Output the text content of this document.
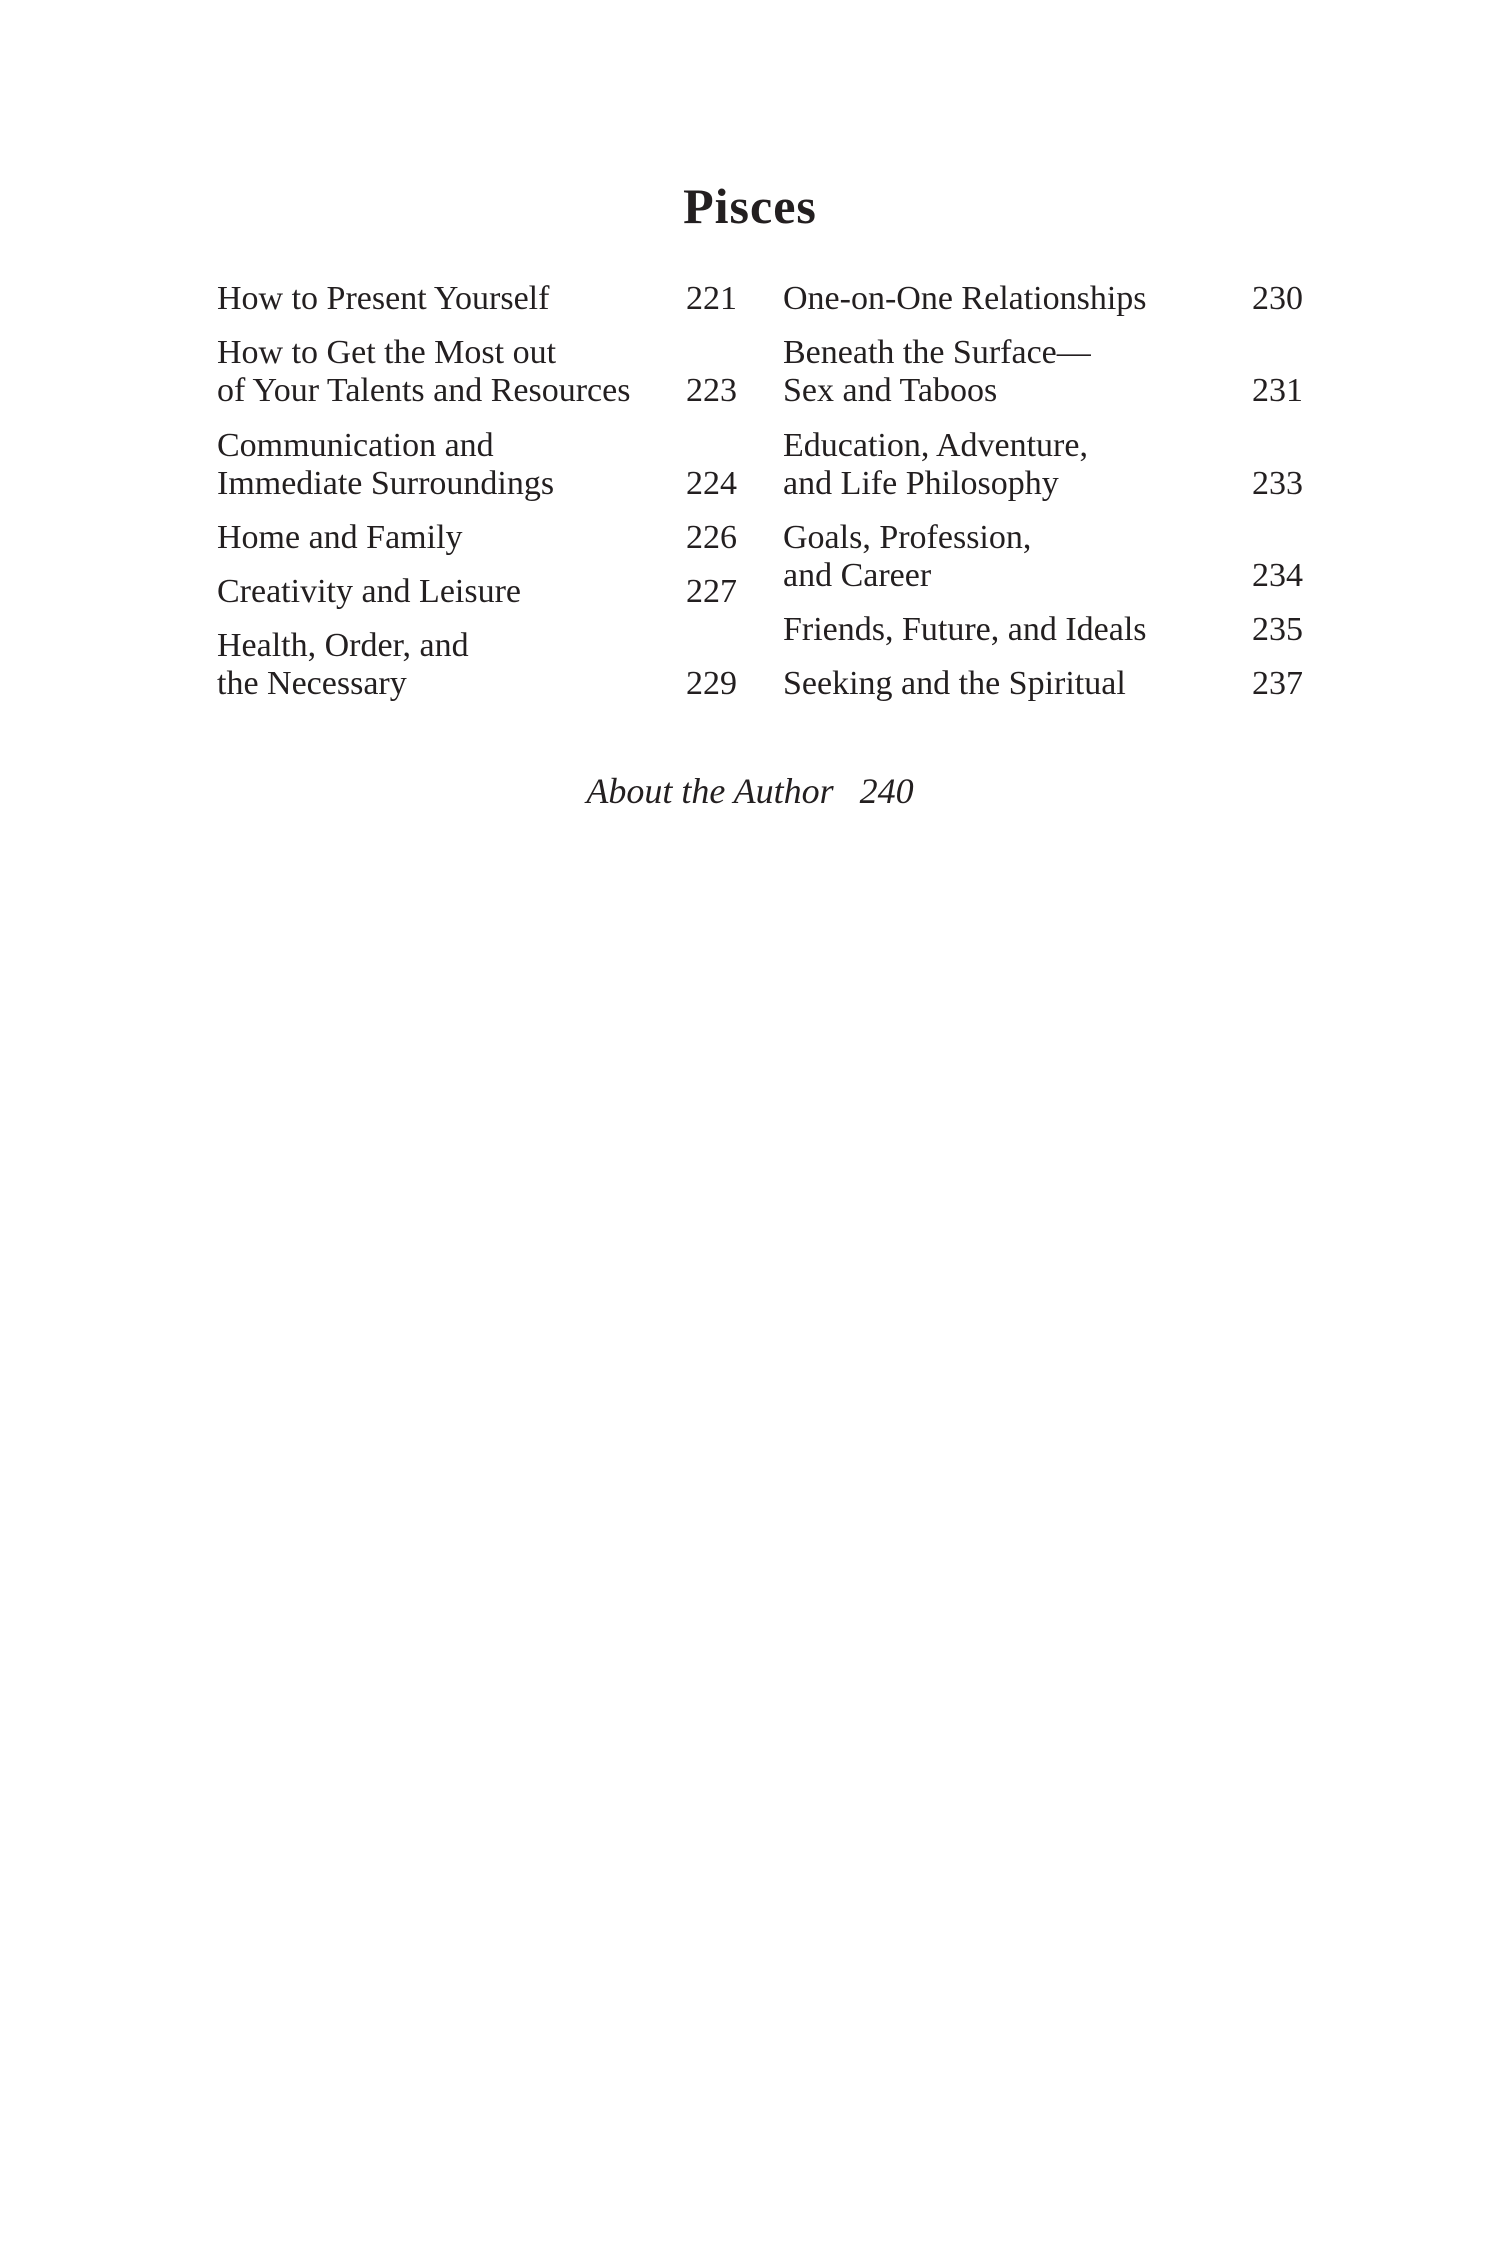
Pisces
How to Present Yourself	221
How to Get the Most out
of Your Talents and Resources	223
Communication and
Immediate Surroundings	224
Home and Family	226
Creativity and Leisure	227
Health, Order, and
the Necessary	229
One-on-One Relationships	230
Beneath the Surface—
Sex and Taboos	231
Education, Adventure,
and Life Philosophy	233
Goals, Profession,
and Career	234
Friends, Future, and Ideals	235
Seeking and the Spiritual	237
About the Author 240
